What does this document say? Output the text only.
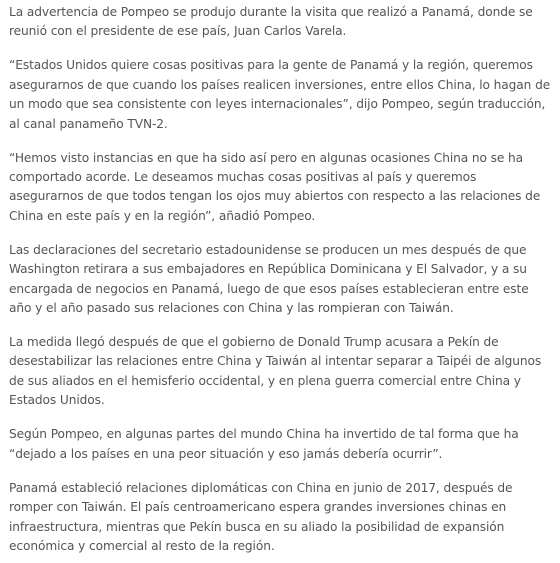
La advertencia de Pompeo se produjo durante la visita que realizó a Panamá, donde se reunió con el presidente de ese país, Juan Carlos Varela.

“Estados Unidos quiere cosas positivas para la gente de Panamá y la región, queremos asegurarnos de que cuando los países realicen inversiones, entre ellos China, lo hagan de un modo que sea consistente con leyes internacionales”, dijo Pompeo, según traducción, al canal panameño TVN-2.

“Hemos visto instancias en que ha sido así pero en algunas ocasiones China no se ha comportado acorde. Le deseamos muchas cosas positivas al país y queremos asegurarnos de que todos tengan los ojos muy abiertos con respecto a las relaciones de China en este país y en la región”, añadió Pompeo.

Las declaraciones del secretario estadounidense se producen un mes después de que Washington retirara a sus embajadores en República Dominicana y El Salvador, y a su encargada de negocios en Panamá, luego de que esos países establecieran entre este año y el año pasado sus relaciones con China y las rompieran con Taiwán.

La medida llegó después de que el gobierno de Donald Trump acusara a Pekín de desestabilizar las relaciones entre China y Taiwán al intentar separar a Taipéi de algunos de sus aliados en el hemisferio occidental, y en plena guerra comercial entre China y Estados Unidos.

Según Pompeo, en algunas partes del mundo China ha invertido de tal forma que ha “dejado a los países en una peor situación y eso jamás debería ocurrir”.

Panamá estableció relaciones diplomáticas con China en junio de 2017, después de romper con Taiwán. El país centroamericano espera grandes inversiones chinas en infraestructura, mientras que Pekín busca en su aliado la posibilidad de expansión económica y comercial al resto de la región.
